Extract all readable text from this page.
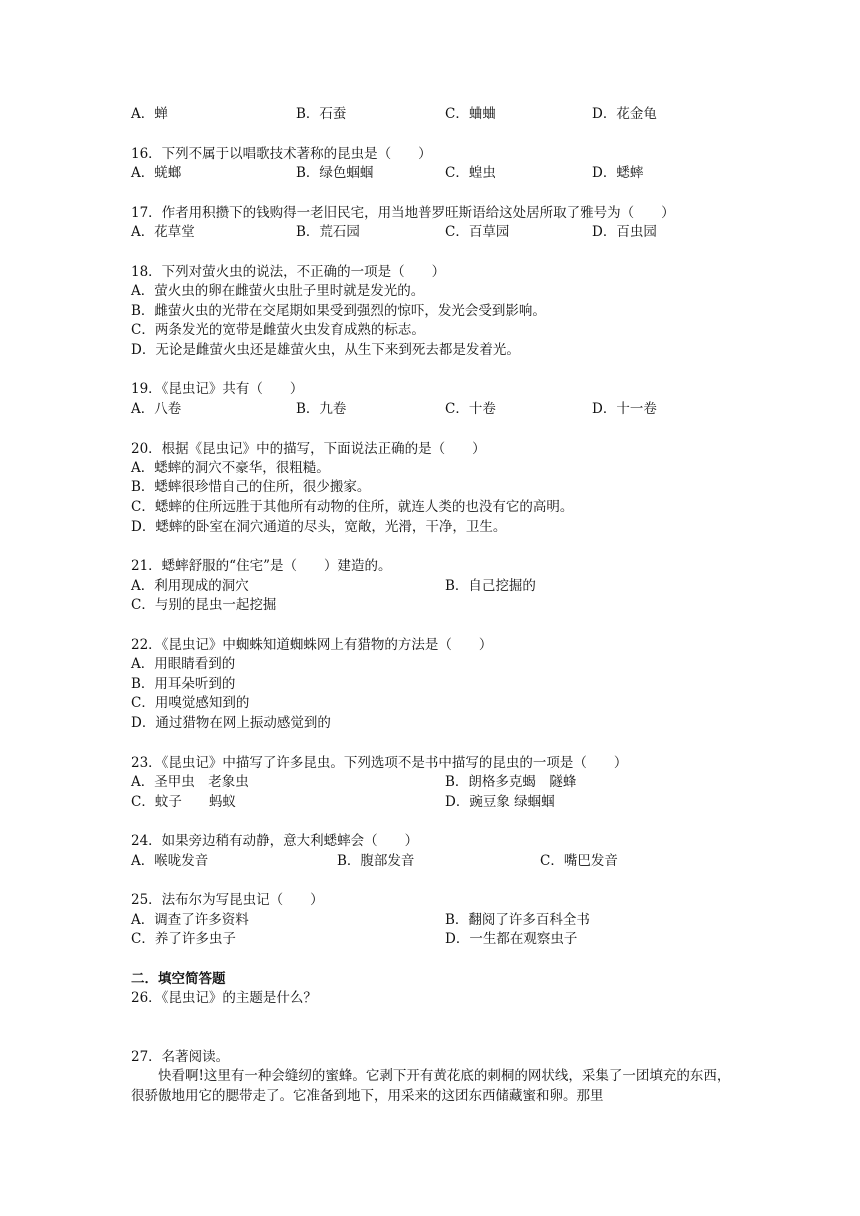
A．蝉	B．石蚕	C．蛐蛐	D．花金龟
16．下列不属于以唱歌技术著称的昆虫是（　　）
A．蜣螂	B．绿色蝈蝈	C．蝗虫	D．蟋蟀
17．作者用积攒下的钱购得一老旧民宅，用当地普罗旺斯语给这处居所取了雅号为（　　）
A．花草堂	B．荒石园	C．百草园	D．百虫园
18．下列对萤火虫的说法，不正确的一项是（　　）
A．萤火虫的卵在雌萤火虫肚子里时就是发光的。
B．雌萤火虫的光带在交尾期如果受到强烈的惊吓，发光会受到影响。
C．两条发光的宽带是雌萤火虫发育成熟的标志。
D．无论是雌萤火虫还是雄萤火虫，从生下来到死去都是发着光。
19．《昆虫记》共有（　　）
A．八卷	B．九卷	C．十卷	D．十一卷
20．根据《昆虫记》中的描写，下面说法正确的是（　　）
A．蟋蟀的洞穴不豪华，很粗糙。
B．蟋蟀很珍惜自己的住所，很少搬家。
C．蟋蟀的住所远胜于其他所有动物的住所，就连人类的也没有它的高明。
D．蟋蟀的卧室在洞穴通道的尽头，宽敞，光滑，干净，卫生。
21．蟋蟀舒服的“住宅”是（　　）建造的。
A．利用现成的洞穴	B．自己挖掘的
C．与别的昆虫一起挖掘
22．《昆虫记》中蜘蛛知道蜘蛛网上有猎物的方法是（　　）
A．用眼睛看到的
B．用耳朵听到的
C．用嗅觉感知到的
D．通过猎物在网上振动感觉到的
23．《昆虫记》中描写了许多昆虫。下列选项不是书中描写的昆虫的一项是（　　）
A．圣甲虫　老象虫	B．朗格多克蝎　隧蜂
C．蚊子　　蚂蚁	D．豌豆象 绿蝈蝈
24．如果旁边稍有动静，意大利蟋蟀会（　　）
A．喉咙发音	B．腹部发音	C．嘴巴发音
25．法布尔为写昆虫记（　　）
A．调查了许多资料	B．翻阅了许多百科全书
C．养了许多虫子	D．一生都在观察虫子
二．填空简答题
26．《昆虫记》的主题是什么？
27．名著阅读。
快看啊!这里有一种会缝纫的蜜蜂。它剥下开有黄花底的刺桐的网状线，采集了一团填充的东西，很骄傲地用它的腮带走了。它准备到地下，用采来的这团东西储藏蜜和卵。那里
